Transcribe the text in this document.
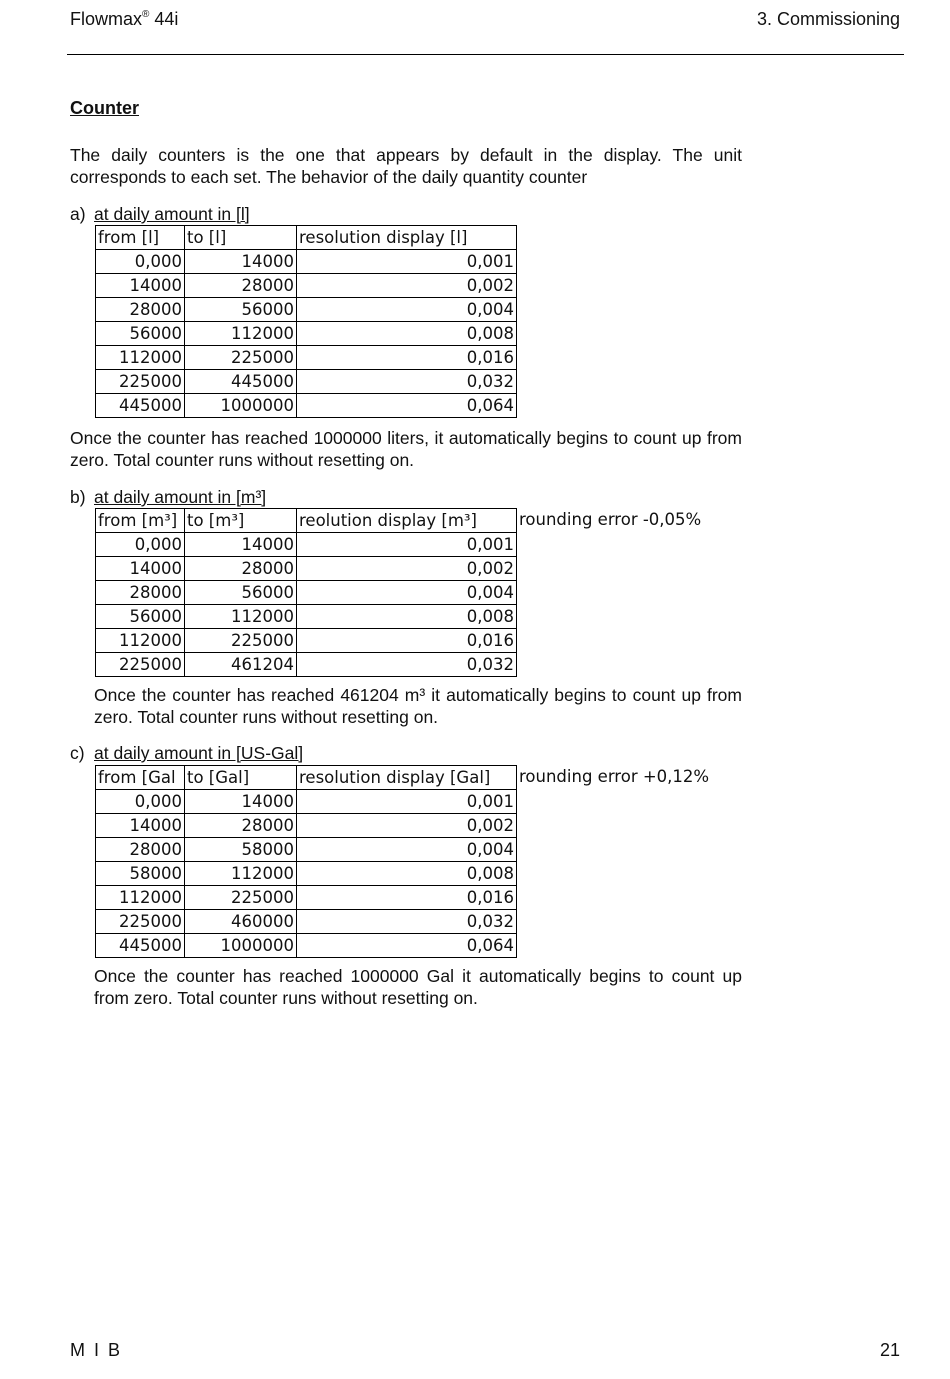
Flowmax® 44i	3. Commissioning
Counter
The daily counters is the one that appears by default in the display. The unit corresponds to each set. The behavior of the daily quantity counter
a) at daily amount in [l]
from [l]	to [l]	resolution display [l]
0,000	14000	0,001
14000	28000	0,002
28000	56000	0,004
56000	112000	0,008
112000	225000	0,016
225000	445000	0,032
445000	1000000	0,064
Once the counter has reached 1000000 liters, it automatically begins to count up from zero. Total counter runs without resetting on.
b) at daily amount in [m³]
from [m³]	to [m³]	reolution display [m³]
0,000	14000	0,001
14000	28000	0,002
28000	56000	0,004
56000	112000	0,008
112000	225000	0,016
225000	461204	0,032
rounding error -0,05%
Once the counter has reached 461204 m³ it automatically begins to count up from zero. Total counter runs without resetting on.
c) at daily amount in [US-Gal]
from [Gal	to [Gal]	resolution display [Gal]
0,000	14000	0,001
14000	28000	0,002
28000	58000	0,004
58000	112000	0,008
112000	225000	0,016
225000	460000	0,032
445000	1000000	0,064
rounding error +0,12%
Once the counter has reached 1000000 Gal it automatically begins to count up from zero. Total counter runs without resetting on.
M I B	21
